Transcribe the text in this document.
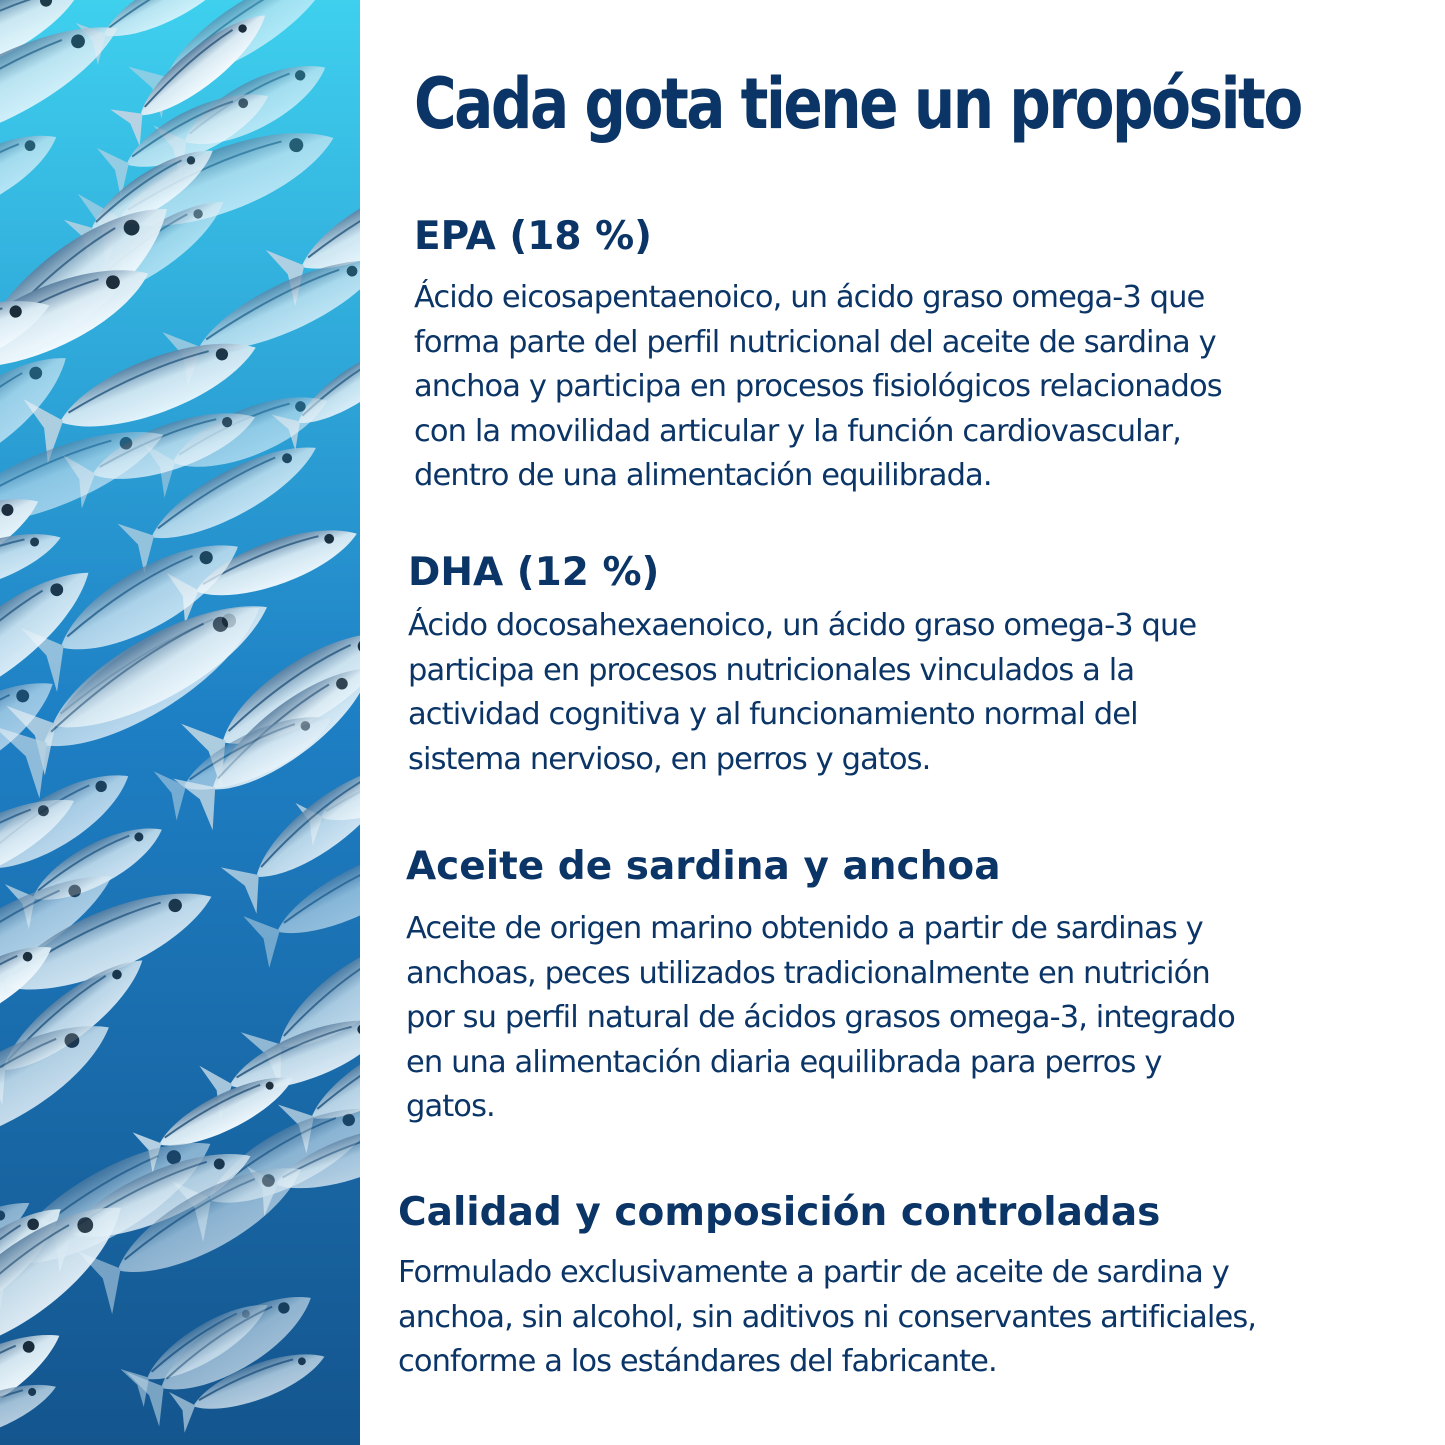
Cada gota tiene un propósito
EPA (18 %)

Ácido eicosapentaenoico, un ácido graso omega-3 que
forma parte del perfil nutricional del aceite de sardina y
anchoa y participa en procesos fisiológicos relacionados
con la movilidad articular y la función cardiovascular,
dentro de una alimentación equilibrada.

DHA (12 %)

Ácido docosahexaenoico, un ácido graso omega-3 que
participa en procesos nutricionales vinculados a la
actividad cognitiva y al funcionamiento normal del
sistema nervioso, en perros y gatos.

Aceite de sardina y anchoa

Aceite de origen marino obtenido a partir de sardinas y
anchoas, peces utilizados tradicionalmente en nutrición
por su perfil natural de ácidos grasos omega-3, integrado
en una alimentación diaria equilibrada para perros y
gatos.

Calidad y composición controladas

Formulado exclusivamente a partir de aceite de sardina y
anchoa, sin alcohol, sin aditivos ni conservantes artificiales,
conforme a los estándares del fabricante.
